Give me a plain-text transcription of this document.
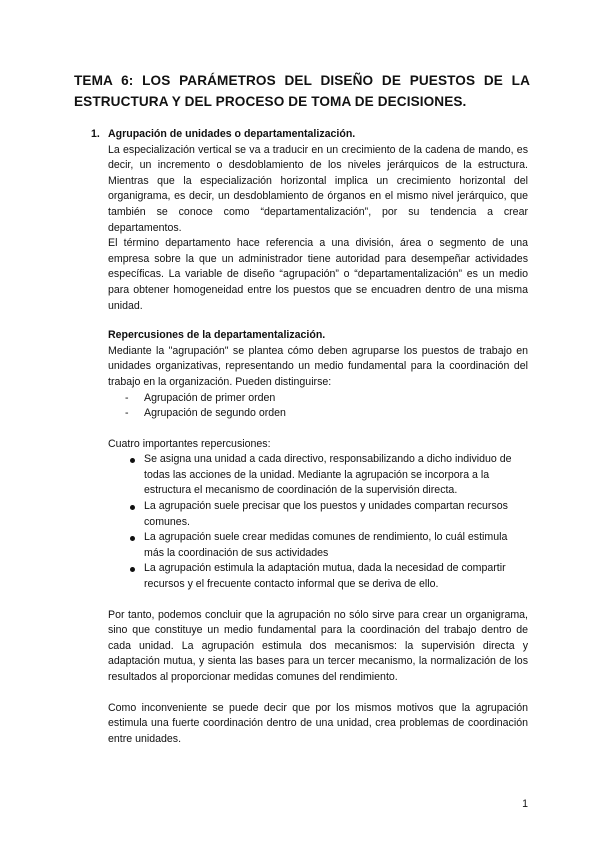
TEMA 6: LOS PARÁMETROS DEL DISEÑO DE PUESTOS DE LA ESTRUCTURA Y DEL PROCESO DE TOMA DE DECISIONES.
1. Agrupación de unidades o departamentalización.

La especialización vertical se va a traducir en un crecimiento de la cadena de mando, es decir, un incremento o desdoblamiento de los niveles jerárquicos de la estructura. Mientras que la especialización horizontal implica un crecimiento horizontal del organigrama, es decir, un desdoblamiento de órganos en el mismo nivel jerárquico, que también se conoce como “departamentalización”, por su tendencia a crear departamentos.

El término departamento hace referencia a una división, área o segmento de una empresa sobre la que un administrador tiene autoridad para desempeñar actividades específicas. La variable de diseño “agrupación” o “departamentalización” es un medio para obtener homogeneidad entre los puestos que se encuadren dentro de una misma unidad.

Repercusiones de la departamentalización.

Mediante la "agrupación" se plantea cómo deben agruparse los puestos de trabajo en unidades organizativas, representando un medio fundamental para la coordinación del trabajo en la organización. Pueden distinguirse:

- Agrupación de primer orden
- Agrupación de segundo orden

Cuatro importantes repercusiones:

Se asigna una unidad a cada directivo, responsabilizando a dicho individuo de todas las acciones de la unidad. Mediante la agrupación se incorpora a la estructura el mecanismo de coordinación de la supervisión directa.
La agrupación suele precisar que los puestos y unidades compartan recursos comunes.
La agrupación suele crear medidas comunes de rendimiento, lo cuál estimula más la coordinación de sus actividades
La agrupación estimula la adaptación mutua, dada la necesidad de compartir recursos y el frecuente contacto informal que se deriva de ello.

Por tanto, podemos concluir que la agrupación no sólo sirve para crear un organigrama, sino que constituye un medio fundamental para la coordinación del trabajo dentro de cada unidad. La agrupación estimula dos mecanismos: la supervisión directa y adaptación mutua, y sienta las bases para un tercer mecanismo, la normalización de los resultados al proporcionar medidas comunes del rendimiento.

Como inconveniente se puede decir que por los mismos motivos que la agrupación estimula una fuerte coordinación dentro de una unidad, crea problemas de coordinación entre unidades.

1
